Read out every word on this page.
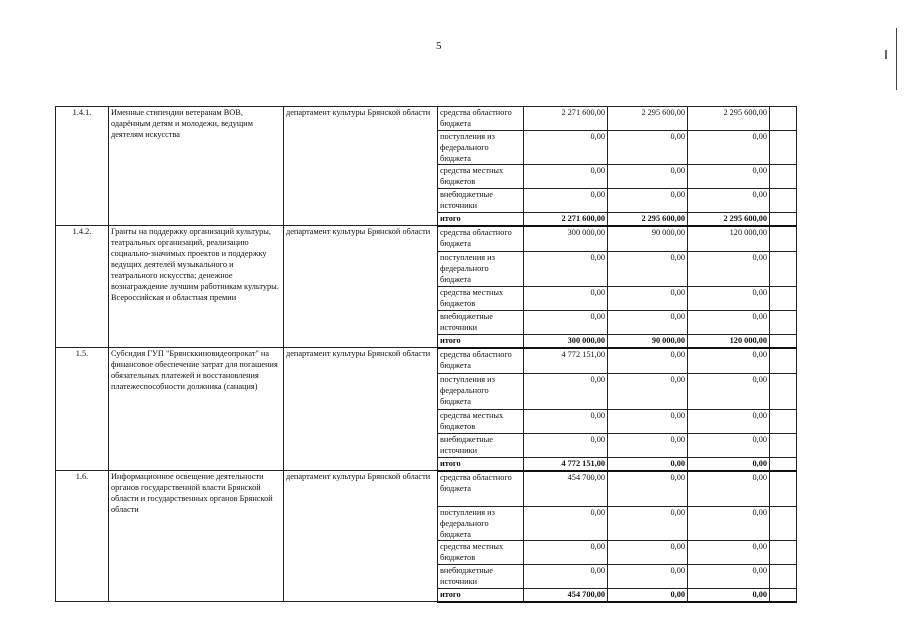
5
1.4.1.	Именные стипендии ветеранам ВОВ, одарённым детям и молодежи, ведущим деятелям искусства	департамент культуры Брянской области	средства областного бюджета	2 271 600,00	2 295 600,00	2 295 600,00	
			поступления из федерального бюджета	0,00	0,00	0,00	
			средства местных бюджетов	0,00	0,00	0,00	
			внебюджетные источники	0,00	0,00	0,00	
			итого	2 271 600,00	2 295 600,00	2 295 600,00	
1.4.2.	Гранты на поддержку организаций культуры, театральных организаций, реализацию социально-значимых проектов и поддержку ведущих деятелей музыкального и театрального искусства; денежное вознаграждение лучшим работникам культуры. Всероссийская и областная премии	департамент культуры Брянской области	средства областного бюджета	300 000,00	90 000,00	120 000,00	
			поступления из федерального бюджета	0,00	0,00	0,00	
			средства местных бюджетов	0,00	0,00	0,00	
			внебюджетные источники	0,00	0,00	0,00	
			итого	300 000,00	90 000,00	120 000,00	
1.5.	Субсидия ГУП "Брянсккиновидеопрокат" на финансовое обеспечение затрат для погашения обязательных платежей и восстановления платежеспособности должника (санация)	департамент культуры Брянской области	средства областного бюджета	4 772 151,00	0,00	0,00	
			поступления из федерального бюджета	0,00	0,00	0,00	
			средства местных бюджетов	0,00	0,00	0,00	
			внебюджетные источники	0,00	0,00	0,00	
			итого	4 772 151,00	0,00	0,00	
1.6.	Информационное освещение деятельности органов государственной власти Брянской области и государственных органов Брянской области	департамент культуры Брянской области	средства областного бюджета	454 700,00	0,00	0,00	
			поступления из федерального бюджета	0,00	0,00	0,00	
			средства местных бюджетов	0,00	0,00	0,00	
			внебюджетные источники	0,00	0,00	0,00	
			итого	454 700,00	0,00	0,00	
